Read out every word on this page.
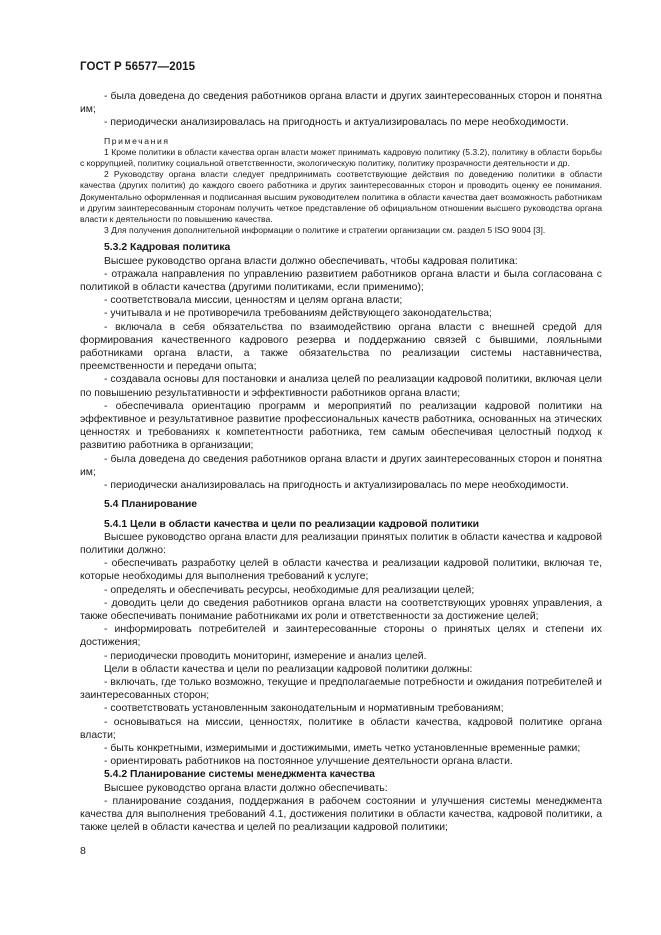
ГОСТ Р 56577—2015

- была доведена до сведения работников органа власти и других заинтересованных сторон и понятна им;

- периодически анализировалась на пригодность и актуализировалась по мере необходимости.

Примечания

1 Кроме политики в области качества орган власти может принимать кадровую политику (5.3.2), политику в области борьбы с коррупцией, политику социальной ответственности, экологическую политику, политику прозрачности деятельности и др.

2 Руководству органа власти следует предпринимать соответствующие действия по доведению политики в области качества (других политик) до каждого своего работника и других заинтересованных сторон и проводить оценку ее понимания. Документально оформленная и подписанная высшим руководителем политика в области качества дает возможность работникам и другим заинтересованным сторонам получить четкое представление об официальном отношении высшего руководства органа власти к деятельности по повышению качества.

3 Для получения дополнительной информации о политике и стратегии организации см. раздел 5 ISO 9004 [3].

5.3.2 Кадровая политика

Высшее руководство органа власти должно обеспечивать, чтобы кадровая политика:

- отражала направления по управлению развитием работников органа власти и была согласована с политикой в области качества (другими политиками, если применимо);

- соответствовала миссии, ценностям и целям органа власти;

- учитывала и не противоречила требованиям действующего законодательства;

- включала в себя обязательства по взаимодействию органа власти с внешней средой для формирования качественного кадрового резерва и поддержанию связей с бывшими, лояльными работниками органа власти, а также обязательства по реализации системы наставничества, преемственности и передачи опыта;

- создавала основы для постановки и анализа целей по реализации кадровой политики, включая цели по повышению результативности и эффективности работников органа власти;

- обеспечивала ориентацию программ и мероприятий по реализации кадровой политики на эффективное и результативное развитие профессиональных качеств работника, основанных на этических ценностях и требованиях к компетентности работника, тем самым обеспечивая целостный подход к развитию работника в организации;

- была доведена до сведения работников органа власти и других заинтересованных сторон и понятна им;

- периодически анализировалась на пригодность и актуализировалась по мере необходимости.

5.4 Планирование

5.4.1 Цели в области качества и цели по реализации кадровой политики

Высшее руководство органа власти для реализации принятых политик в области качества и кадровой политики должно:

- обеспечивать разработку целей в области качества и реализации кадровой политики, включая те, которые необходимы для выполнения требований к услуге;

- определять и обеспечивать ресурсы, необходимые для реализации целей;

- доводить цели до сведения работников органа власти на соответствующих уровнях управления, а также обеспечивать понимание работниками их роли и ответственности за достижение целей;

- информировать потребителей и заинтересованные стороны о принятых целях и степени их достижения;

- периодически проводить мониторинг, измерение и анализ целей.

Цели в области качества и цели по реализации кадровой политики должны:

- включать, где только возможно, текущие и предполагаемые потребности и ожидания потребителей и заинтересованных сторон;

- соответствовать установленным законодательным и нормативным требованиям;

- основываться на миссии, ценностях, политике в области качества, кадровой политике органа власти;

- быть конкретными, измеримыми и достижимыми, иметь четко установленные временные рамки;

- ориентировать работников на постоянное улучшение деятельности органа власти.

5.4.2 Планирование системы менеджмента качества

Высшее руководство органа власти должно обеспечивать:

- планирование создания, поддержания в рабочем состоянии и улучшения системы менеджмента качества для выполнения требований 4.1, достижения политики в области качества, кадровой политики, а также целей в области качества и целей по реализации кадровой политики;

8
